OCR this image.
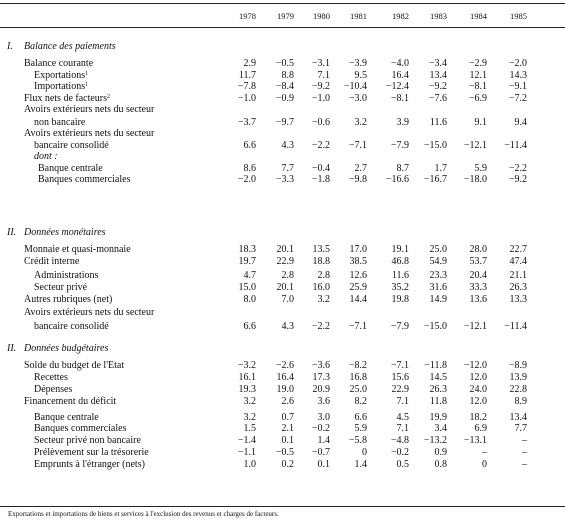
1978	1979	1980	1981	1982	1983	1984	1985
I. Balance des paiements
Balance courante	2.9	−0.5	−3.1	−3.9	−4.0	−3.4	−2.9	−2.0
Exportations$^1$	11.7	8.8	7.1	9.5	16.4	13.4	12.1	14.3
Importations$^1$	−7.8	−8.4	−9.2	−10.4	−12.4	−9.2	−8.1	−9.1
Flux nets de facteurs$^2$	−1.0	−0.9	−1.0	−3.0	−8.1	−7.6	−6.9	−7.2
Avoirs extérieurs nets du secteur
non bancaire	−3.7	−9.7	−0.6	3.2	3.9	11.6	9.1	9.4
Avoirs extérieurs nets du secteur
bancaire consolidé	6.6	4.3	−2.2	−7.1	−7.9	−15.0	−12.1	−11.4
dont :
Banque centrale	8.6	7.7	−0.4	2.7	8.7	1.7	5.9	−2.2
Banques commerciales	−2.0	−3.3	−1.8	−9.8	−16.6	−16.7	−18.0	−9.2
II. Données monétaires
Monnaie et quasi-monnaie	18.3	20.1	13.5	17.0	19.1	25.0	28.0	22.7
Crédit interne	19.7	22.9	18.8	38.5	46.8	54.9	53.7	47.4
Administrations	4.7	2.8	2.8	12.6	11.6	23.3	20.4	21.1
Secteur privé	15.0	20.1	16.0	25.9	35.2	31.6	33.3	26.3
Autres rubriques (net)	8.0	7.0	3.2	14.4	19.8	14.9	13.6	13.3
Avoirs extérieurs nets du secteur
bancaire consolidé	6.6	4.3	−2.2	−7.1	−7.9	−15.0	−12.1	−11.4
II. Données budgétaires
Solde du budget de l'Etat	−3.2	−2.6	−3.6	−8.2	−7.1	−11.8	−12.0	−8.9
Recettes	16.1	16.4	17.3	16.8	15.6	14.5	12.0	13.9
Dépenses	19.3	19.0	20.9	25.0	22.9	26.3	24.0	22.8
Financement du déficit	3.2	2.6	3.6	8.2	7.1	11.8	12.0	8.9
Banque centrale	3.2	0.7	3.0	6.6	4.5	19.9	18.2	13.4
Banques commerciales	1.5	2.1	−0.2	5.9	7.1	3.4	6.9	7.7
Secteur privé non bancaire	−1.4	0.1	1.4	−5.8	−4.8	−13.2	−13.1	–
Prélèvement sur la trésorerie	−1.1	−0.5	−0.7	0	−0.2	0.9	–	–
Emprunts à l'étranger (nets)	1.0	0.2	0.1	1.4	0.5	0.8	0	–
Exportations et importations de biens et services à l'exclusion des revenus et charges de facteurs.
